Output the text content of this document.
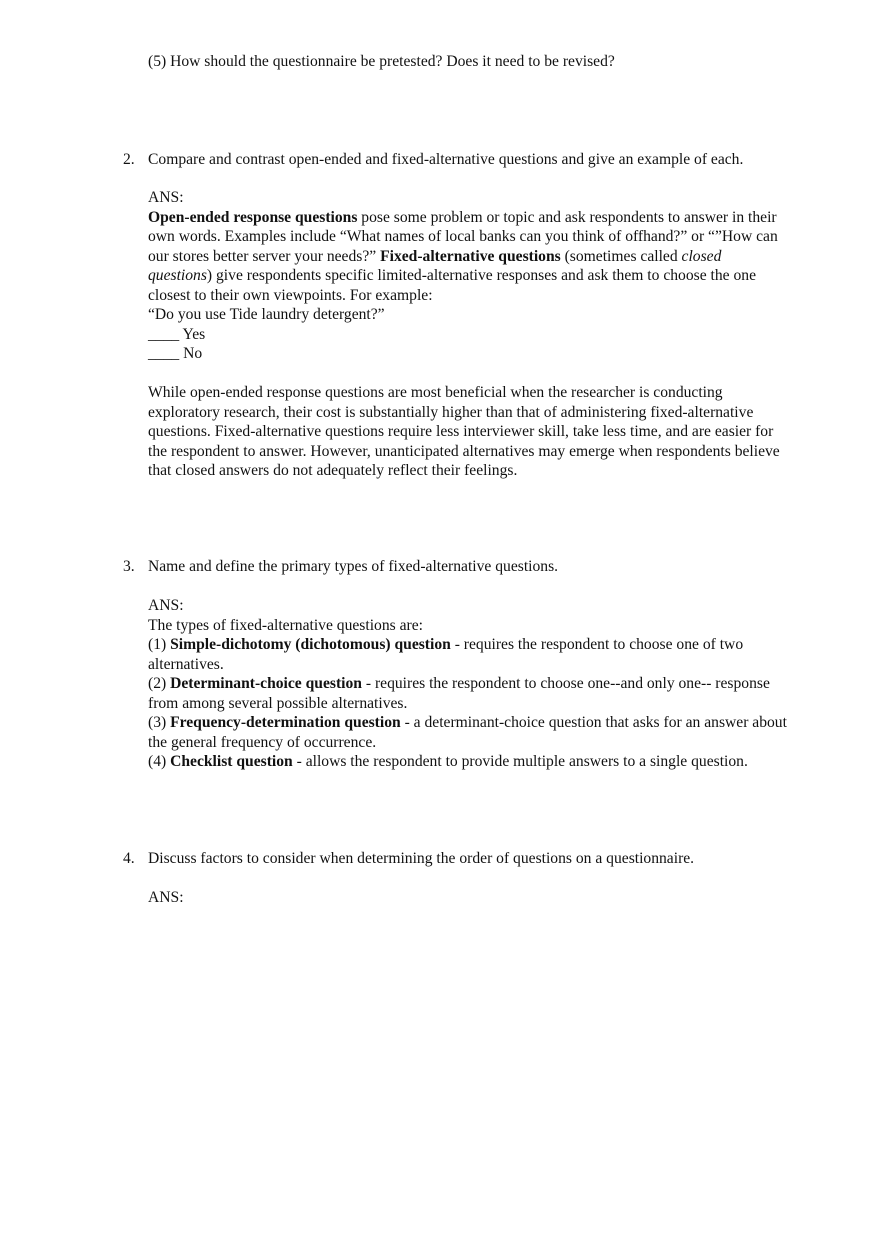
(5) How should the questionnaire be pretested? Does it need to be revised?
2. Compare and contrast open-ended and fixed-alternative questions and give an example of each.
ANS:
Open-ended response questions pose some problem or topic and ask respondents to answer in their
own words. Examples include “What names of local banks can you think of offhand?” or “”How can
our stores better server your needs?” Fixed-alternative questions (sometimes called closed
questions) give respondents specific limited-alternative responses and ask them to choose the one
closest to their own viewpoints. For example:
“Do you use Tide laundry detergent?”
____ Yes
____ No
While open-ended response questions are most beneficial when the researcher is conducting
exploratory research, their cost is substantially higher than that of administering fixed-alternative
questions. Fixed-alternative questions require less interviewer skill, take less time, and are easier for
the respondent to answer. However, unanticipated alternatives may emerge when respondents believe
that closed answers do not adequately reflect their feelings.
3. Name and define the primary types of fixed-alternative questions.
ANS:
The types of fixed-alternative questions are:
(1) Simple-dichotomy (dichotomous) question - requires the respondent to choose one of two
alternatives.
(2) Determinant-choice question - requires the respondent to choose one--and only one-- response
from among several possible alternatives.
(3) Frequency-determination question - a determinant-choice question that asks for an answer about
the general frequency of occurrence.
(4) Checklist question - allows the respondent to provide multiple answers to a single question.
4. Discuss factors to consider when determining the order of questions on a questionnaire.
ANS:
